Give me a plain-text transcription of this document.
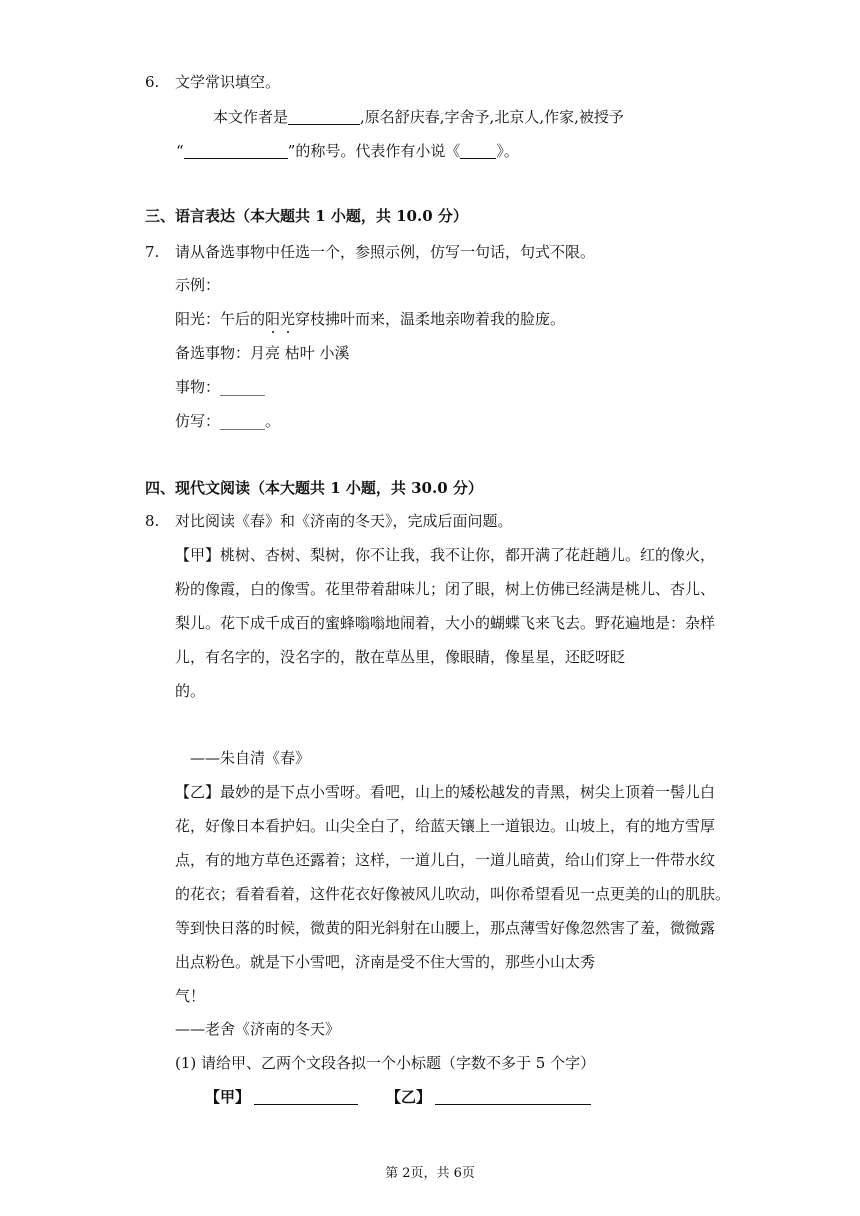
6. 文学常识填空。
本文作者是	,原名舒庆春,字舍予,北京人,作家,被授予
“	”的称号。代表作有小说《 》。
三、语言表达（本大题共 1 小题，共 10.0 分）
7. 请从备选事物中任选一个，参照示例，仿写一句话，句式不限。
示例：
阳光：午后的阳光穿枝拂叶而来，温柔地亲吻着我的脸庞。
备选事物：月亮 枯叶 小溪
事物：______
仿写：______。
四、现代文阅读（本大题共 1 小题，共 30.0 分）
8. 对比阅读《春》和《济南的冬天》，完成后面问题。
【甲】桃树、杏树、梨树，你不让我，我不让你，都开满了花赶趟儿。红的像火，
粉的像霞，白的像雪。花里带着甜味儿；闭了眼，树上仿佛已经满是桃儿、杏儿、
梨儿。花下成千成百的蜜蜂嗡嗡地闹着，大小的蝴蝶飞来飞去。野花遍地是：杂样
儿，有名字的，没名字的，散在草丛里，像眼睛，像星星，还眨呀眨
的。
——朱自清《春》
【乙】最妙的是下点小雪呀。看吧，山上的矮松越发的青黑，树尖上顶着一髻儿白
花，好像日本看护妇。山尖全白了，给蓝天镶上一道银边。山坡上，有的地方雪厚
点，有的地方草色还露着；这样，一道儿白，一道儿暗黄，给山们穿上一件带水纹
的花衣；看着看着，这件花衣好像被风儿吹动，叫你希望看见一点更美的山的肌肤。
等到快日落的时候，微黄的阳光斜射在山腰上，那点薄雪好像忽然害了羞，微微露
出点粉色。就是下小雪吧，济南是受不住大雪的，那些小山太秀
气！
——老舍《济南的冬天》
(1) 请给甲、乙两个文段各拟一个小标题（字数不多于 5 个字）
【甲】	【乙】
第 2页，共 6页
